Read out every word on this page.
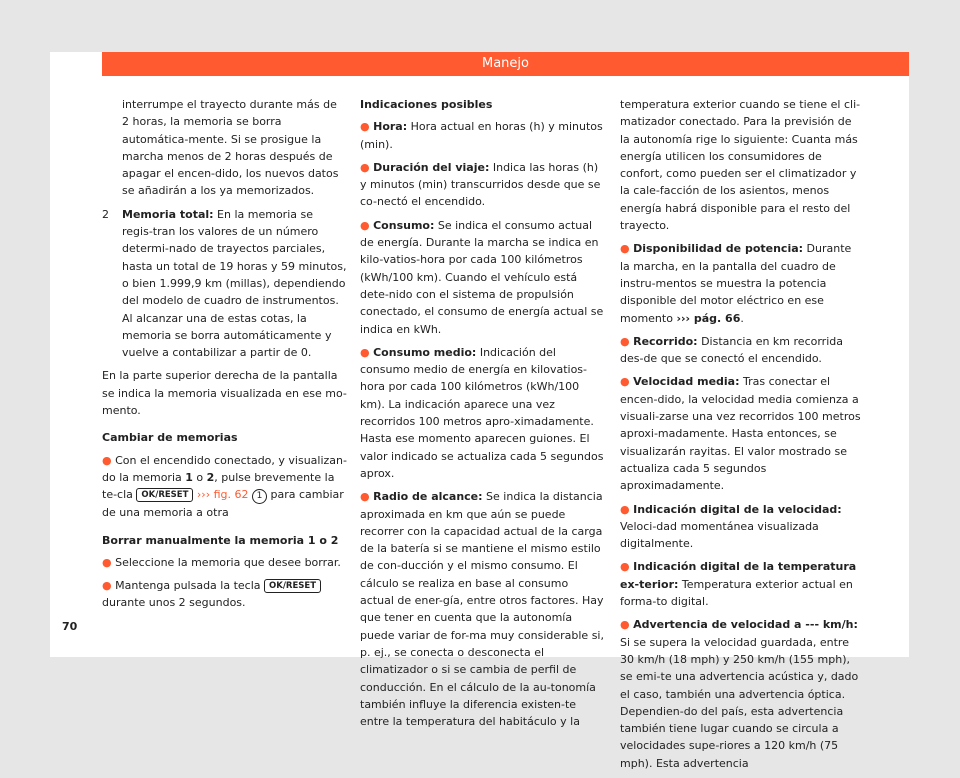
Manejo

interrumpe el trayecto durante más de 2 horas, la memoria se borra automática-mente. Si se prosigue la marcha menos de 2 horas después de apagar el encen-dido, los nuevos datos se añadirán a los ya memorizados.

2	Memoria total: En la memoria se regis-tran los valores de un número determi-nado de trayectos parciales, hasta un total de 19 horas y 59 minutos, o bien 1.999,9 km (millas), dependiendo del modelo de cuadro de instrumentos. Al alcanzar una de estas cotas, la memoria se borra automáticamente y vuelve a contabilizar a partir de 0.

En la parte superior derecha de la pantalla se indica la memoria visualizada en ese mo-mento.

Cambiar de memorias

● Con el encendido conectado, y visualizan-do la memoria 1 o 2, pulse brevemente la te-cla OK/RESET ››› fig. 62 1 para cambiar de una memoria a otra

Borrar manualmente la memoria 1 o 2

● Seleccione la memoria que desee borrar.

● Mantenga pulsada la tecla OK/RESET durante unos 2 segundos.

Indicaciones posibles

● Hora: Hora actual en horas (h) y minutos (min).

● Duración del viaje: Indica las horas (h) y minutos (min) transcurridos desde que se co-nectó el encendido.

● Consumo: Se indica el consumo actual de energía. Durante la marcha se indica en kilo-vatios-hora por cada 100 kilómetros (kWh/100 km). Cuando el vehículo está dete-nido con el sistema de propulsión conectado, el consumo de energía actual se indica en kWh.

● Consumo medio: Indicación del consumo medio de energía en kilovatios-hora por cada 100 kilómetros (kWh/100 km). La indicación aparece una vez recorridos 100 metros apro-ximadamente. Hasta ese momento aparecen guiones. El valor indicado se actualiza cada 5 segundos aprox.

● Radio de alcance: Se indica la distancia aproximada en km que aún se puede recorrer con la capacidad actual de la carga de la batería si se mantiene el mismo estilo de con-ducción y el mismo consumo. El cálculo se realiza en base al consumo actual de ener-gía, entre otros factores. Hay que tener en cuenta que la autonomía puede variar de for-ma muy considerable si, p. ej., se conecta o desconecta el climatizador o si se cambia de perfil de conducción. En el cálculo de la au-tonomía también influye la diferencia existen-te entre la temperatura del habitáculo y la

temperatura exterior cuando se tiene el cli-matizador conectado. Para la previsión de la autonomía rige lo siguiente: Cuanta más energía utilicen los consumidores de confort, como pueden ser el climatizador y la cale-facción de los asientos, menos energía habrá disponible para el resto del trayecto.

● Disponibilidad de potencia: Durante la marcha, en la pantalla del cuadro de instru-mentos se muestra la potencia disponible del motor eléctrico en ese momento ››› pág. 66.

● Recorrido: Distancia en km recorrida des-de que se conectó el encendido.

● Velocidad media: Tras conectar el encen-dido, la velocidad media comienza a visuali-zarse una vez recorridos 100 metros aproxi-madamente. Hasta entonces, se visualizarán rayitas. El valor mostrado se actualiza cada 5 segundos aproximadamente.

● Indicación digital de la velocidad: Veloci-dad momentánea visualizada digitalmente.

● Indicación digital de la temperatura ex-terior: Temperatura exterior actual en forma-to digital.

● Advertencia de velocidad a --- km/h: Si se supera la velocidad guardada, entre 30 km/h (18 mph) y 250 km/h (155 mph), se emi-te una advertencia acústica y, dado el caso, también una advertencia óptica. Dependien-do del país, esta advertencia también tiene lugar cuando se circula a velocidades supe-riores a 120 km/h (75 mph). Esta advertencia

70
